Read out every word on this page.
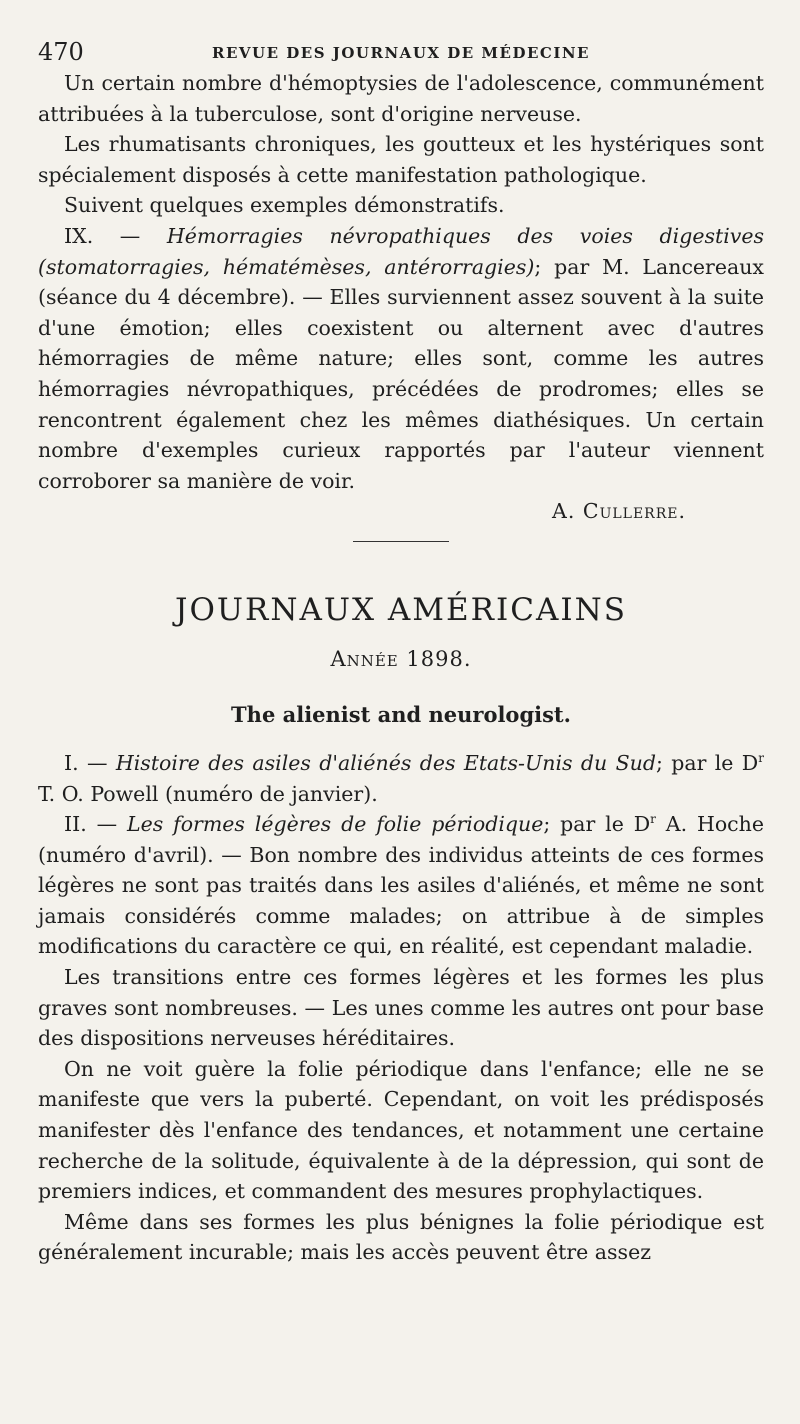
470	REVUE DES JOURNAUX DE MÉDECINE

Un certain nombre d'hémoptysies de l'adolescence, communément attribuées à la tuberculose, sont d'origine nerveuse.

Les rhumatisants chroniques, les goutteux et les hystériques sont spécialement disposés à cette manifestation pathologique.

Suivent quelques exemples démonstratifs.

IX. — Hémorragies névropathiques des voies digestives (stomatorragies, hématémèses, antérorragies); par M. Lancereaux (séance du 4 décembre). — Elles surviennent assez souvent à la suite d'une émotion; elles coexistent ou alternent avec d'autres hémorragies de même nature; elles sont, comme les autres hémorragies névropathiques, précédées de prodromes; elles se rencontrent également chez les mêmes diathésiques. Un certain nombre d'exemples curieux rapportés par l'auteur viennent corroborer sa manière de voir.

A. Cullerre.
JOURNAUX AMÉRICAINS
Année 1898.
The alienist and neurologist.

I. — Histoire des asiles d'aliénés des Etats-Unis du Sud; par le $D^r$ T. O. Powell (numéro de janvier).

II. — Les formes légères de folie périodique; par le $D^r$ A. Hoche (numéro d'avril). — Bon nombre des individus atteints de ces formes légères ne sont pas traités dans les asiles d'aliénés, et même ne sont jamais considérés comme malades; on attribue à de simples modifications du caractère ce qui, en réalité, est cependant maladie.

Les transitions entre ces formes légères et les formes les plus graves sont nombreuses. — Les unes comme les autres ont pour base des dispositions nerveuses héréditaires.

On ne voit guère la folie périodique dans l'enfance; elle ne se manifeste que vers la puberté. Cependant, on voit les prédisposés manifester dès l'enfance des tendances, et notamment une certaine recherche de la solitude, équivalente à de la dépression, qui sont de premiers indices, et commandent des mesures prophylactiques.

Même dans ses formes les plus bénignes la folie périodique est généralement incurable; mais les accès peuvent être assez
